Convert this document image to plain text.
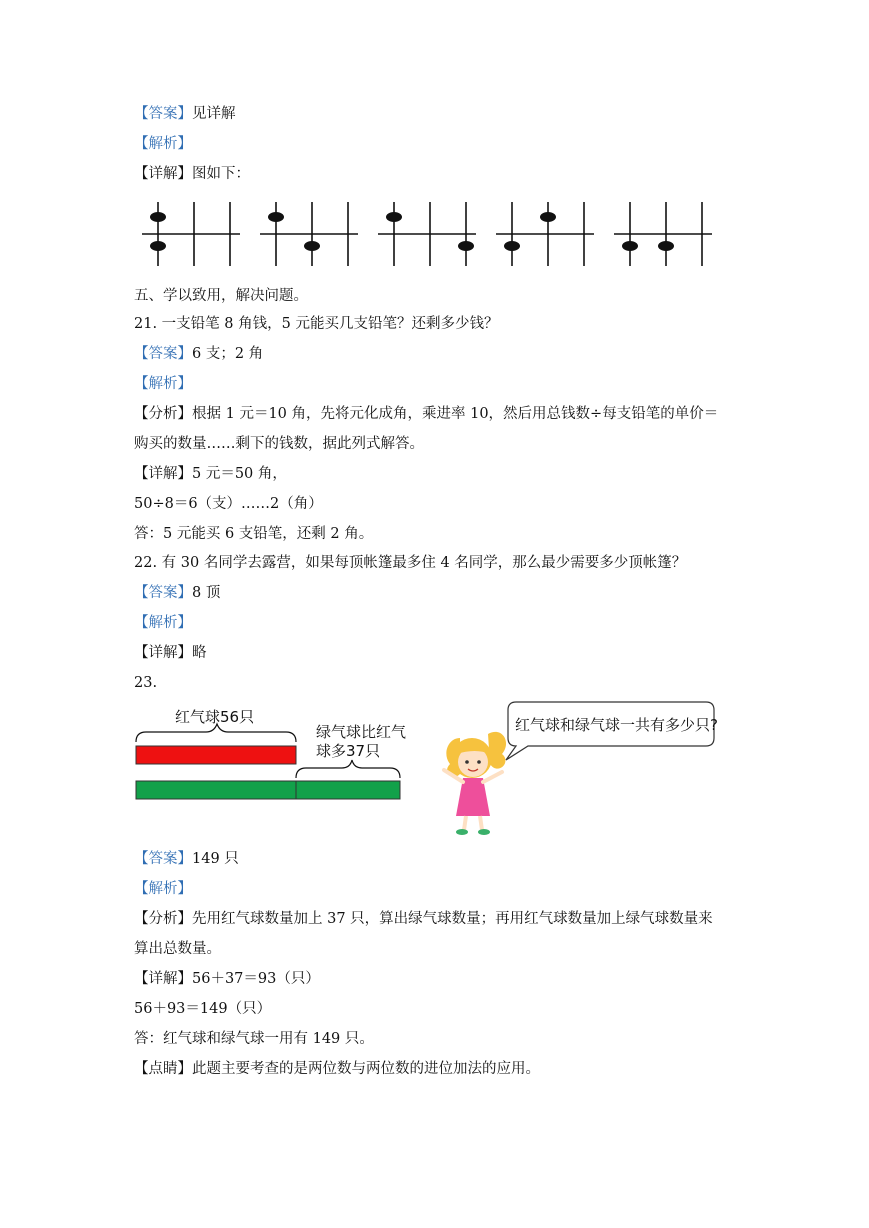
【答案】见详解
【解析】
【详解】图如下：
五、学以致用，解决问题。
21. 一支铅笔 8 角钱，5 元能买几支铅笔？还剩多少钱？
【答案】6 支；2 角
【解析】
【分析】根据 1 元＝10 角，先将元化成角，乘进率 10，然后用总钱数÷每支铅笔的单价＝
购买的数量……剩下的钱数，据此列式解答。
【详解】5 元＝50 角，
50÷8＝6（支）……2（角）
答：5 元能买 6 支铅笔，还剩 2 角。
22. 有 30 名同学去露营，如果每顶帐篷最多住 4 名同学，那么最少需要多少顶帐篷？
【答案】8 顶
【解析】
【详解】略
23.
红气球56只
绿气球比红气
球多37只
红气球和绿气球一共有多少只?
【答案】149 只
【解析】
【分析】先用红气球数量加上 37 只，算出绿气球数量；再用红气球数量加上绿气球数量来
算出总数量。
【详解】56＋37＝93（只）
56＋93＝149（只）
答：红气球和绿气球一用有 149 只。
【点睛】此题主要考查的是两位数与两位数的进位加法的应用。
